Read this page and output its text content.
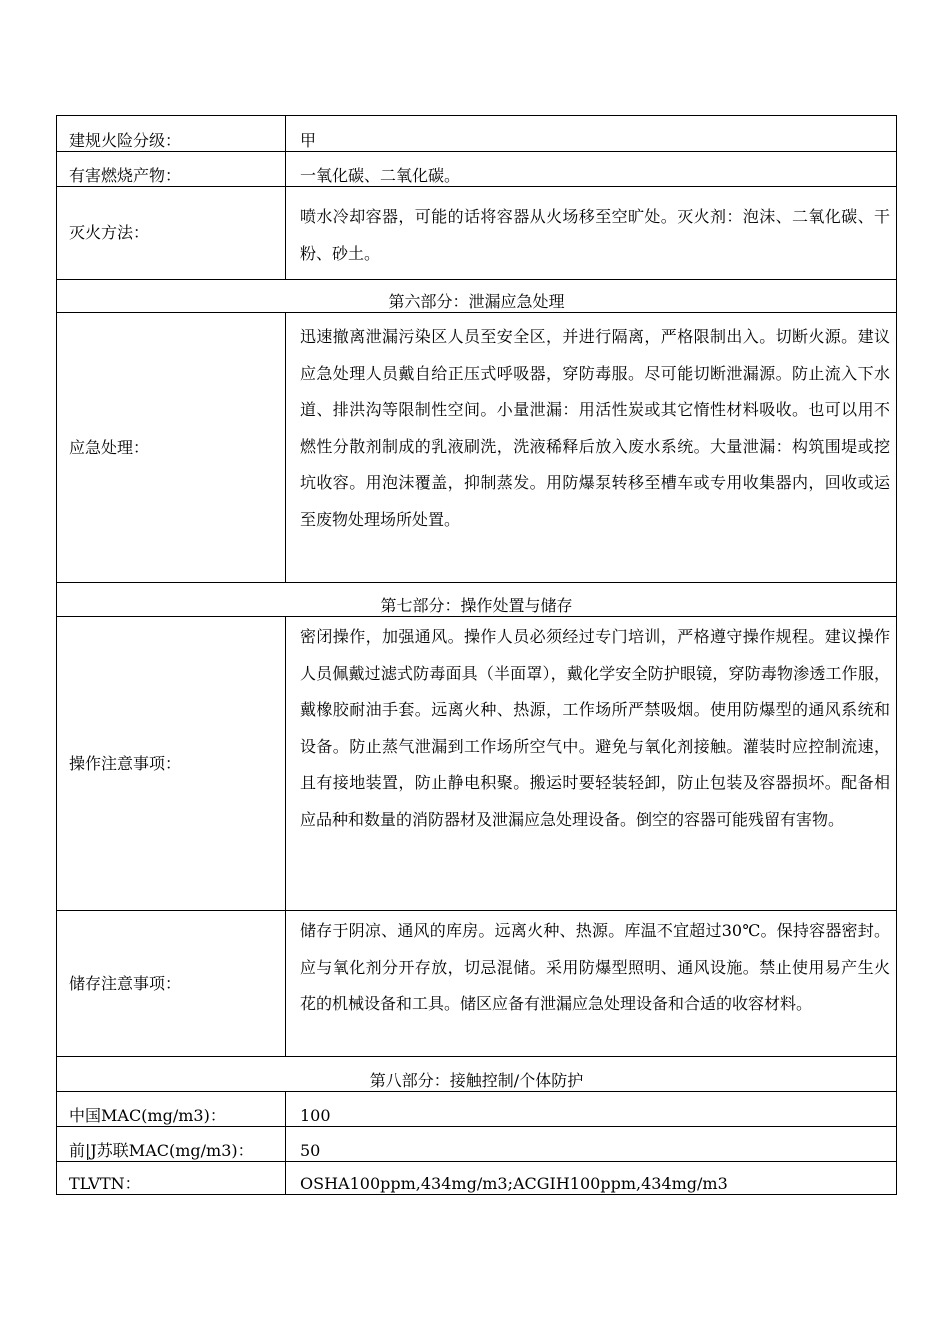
建规火险分级：	甲
有害燃烧产物：	一氧化碳、二氧化碳。
灭火方法：	喷水冷却容器，可能的话将容器从火场移至空旷处。灭火剂：泡沫、二氧化碳、干粉、砂土。
第六部分：泄漏应急处理	
应急处理：	迅速撤离泄漏污染区人员至安全区，并进行隔离，严格限制出入。切断火源。建议应急处理人员戴自给正压式呼吸器，穿防毒服。尽可能切断泄漏源。防止流入下水道、排洪沟等限制性空间。小量泄漏：用活性炭或其它惰性材料吸收。也可以用不燃性分散剂制成的乳液刷洗，洗液稀释后放入废水系统。大量泄漏：构筑围堤或挖坑收容。用泡沫覆盖，抑制蒸发。用防爆泵转移至槽车或专用收集器内，回收或运至废物处理场所处置。
第七部分：操作处置与储存	
操作注意事项：	密闭操作，加强通风。操作人员必须经过专门培训，严格遵守操作规程。建议操作人员佩戴过滤式防毒面具（半面罩），戴化学安全防护眼镜，穿防毒物渗透工作服，戴橡胶耐油手套。远离火种、热源，工作场所严禁吸烟。使用防爆型的通风系统和设备。防止蒸气泄漏到工作场所空气中。避免与氧化剂接触。灌装时应控制流速，且有接地装置，防止静电积聚。搬运时要轻装轻卸，防止包装及容器损坏。配备相应品种和数量的消防器材及泄漏应急处理设备。倒空的容器可能残留有害物。
储存注意事项：	储存于阴凉、通风的库房。远离火种、热源。库温不宜超过30℃。保持容器密封。应与氧化剂分开存放，切忌混储。采用防爆型照明、通风设施。禁止使用易产生火花的机械设备和工具。储区应备有泄漏应急处理设备和合适的收容材料。
第八部分：接触控制/个体防护	
中国MAC(mg/m3)：	100
前|J苏联MAC(mg/m3)：	50
TLVTN：	OSHA100ppm,434mg/m3;ACGIH100ppm,434mg/m3
